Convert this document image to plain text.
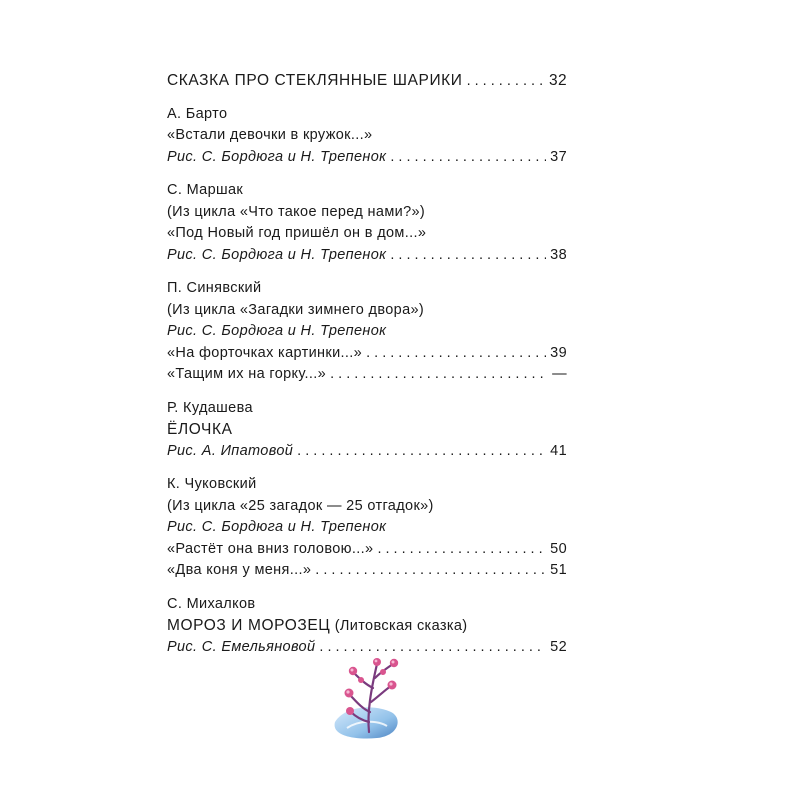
СКАЗКА ПРО СТЕКЛЯННЫЕ ШАРИКИ . . .	32
А. Барто
«Встали девочки в кружок...»
Рис. С. Бордюга и Н. Трепенок . . .	37
С. Маршак
(Из цикла «Что такое перед нами?»)
«Под Новый год пришёл он в дом...»
Рис. С. Бордюга и Н. Трепенок . . .	38
П. Синявский
(Из цикла «Загадки зимнего двора»)
Рис. С. Бордюга и Н. Трепенок
«На форточках картинки...» . . .	39
«Тащим их на горку...» . . .	—
Р. Кудашева
ЁЛОЧКА
Рис. А. Ипатовой . . .	41
К. Чуковский
(Из цикла «25 загадок — 25 отгадок»)
Рис. С. Бордюга и Н. Трепенок
«Растёт она вниз головою...» . . .	50
«Два коня у меня...» . . .	51
С. Михалков
МОРОЗ И МОРОЗЕЦ (Литовская сказка)
Рис. С. Емельяновой . . .	52
